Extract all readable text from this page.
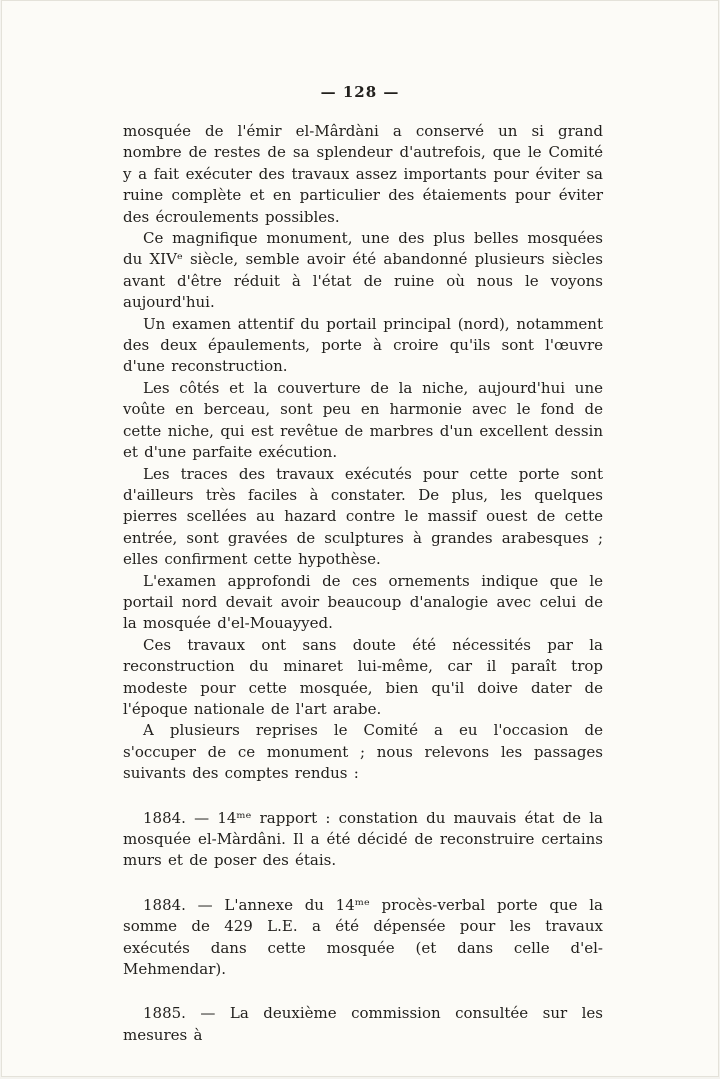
— 128 —

mosquée de l'émir el-Mârdàni a conservé un si grand nombre de restes de sa splendeur d'autrefois, que le Comité y a fait exécuter des travaux assez importants pour éviter sa ruine complète et en particulier des étaiements pour éviter des écroulements possibles.

Ce magnifique monument, une des plus belles mosquées du XIVᵉ siècle, semble avoir été abandonné plusieurs siècles avant d'être réduit à l'état de ruine où nous le voyons aujourd'hui.

Un examen attentif du portail principal (nord), notamment des deux épaulements, porte à croire qu'ils sont l'œuvre d'une reconstruction.

Les côtés et la couverture de la niche, aujourd'hui une voûte en berceau, sont peu en harmonie avec le fond de cette niche, qui est revêtue de marbres d'un excellent dessin et d'une parfaite exécution.

Les traces des travaux exécutés pour cette porte sont d'ailleurs très faciles à constater. De plus, les quelques pierres scellées au hazard contre le massif ouest de cette entrée, sont gravées de sculptures à grandes arabesques ; elles confirment cette hypothèse.

L'examen approfondi de ces ornements indique que le portail nord devait avoir beaucoup d'analogie avec celui de la mosquée d'el-Mouayyed.

Ces travaux ont sans doute été nécessités par la reconstruction du minaret lui-même, car il paraît trop modeste pour cette mosquée, bien qu'il doive dater de l'époque nationale de l'art arabe.

A plusieurs reprises le Comité a eu l'occasion de s'occuper de ce monument ; nous relevons les passages suivants des comptes rendus :

1884. — 14ᵐᵉ rapport : constation du mauvais état de la mosquée el-Màrdâni. Il a été décidé de reconstruire certains murs et de poser des étais.

1884. — L'annexe du 14ᵐᵉ procès-verbal porte que la somme de 429 L.E. a été dépensée pour les travaux exécutés dans cette mosquée (et dans celle d'el-Mehmendar).

1885. — La deuxième commission consultée sur les mesures à
